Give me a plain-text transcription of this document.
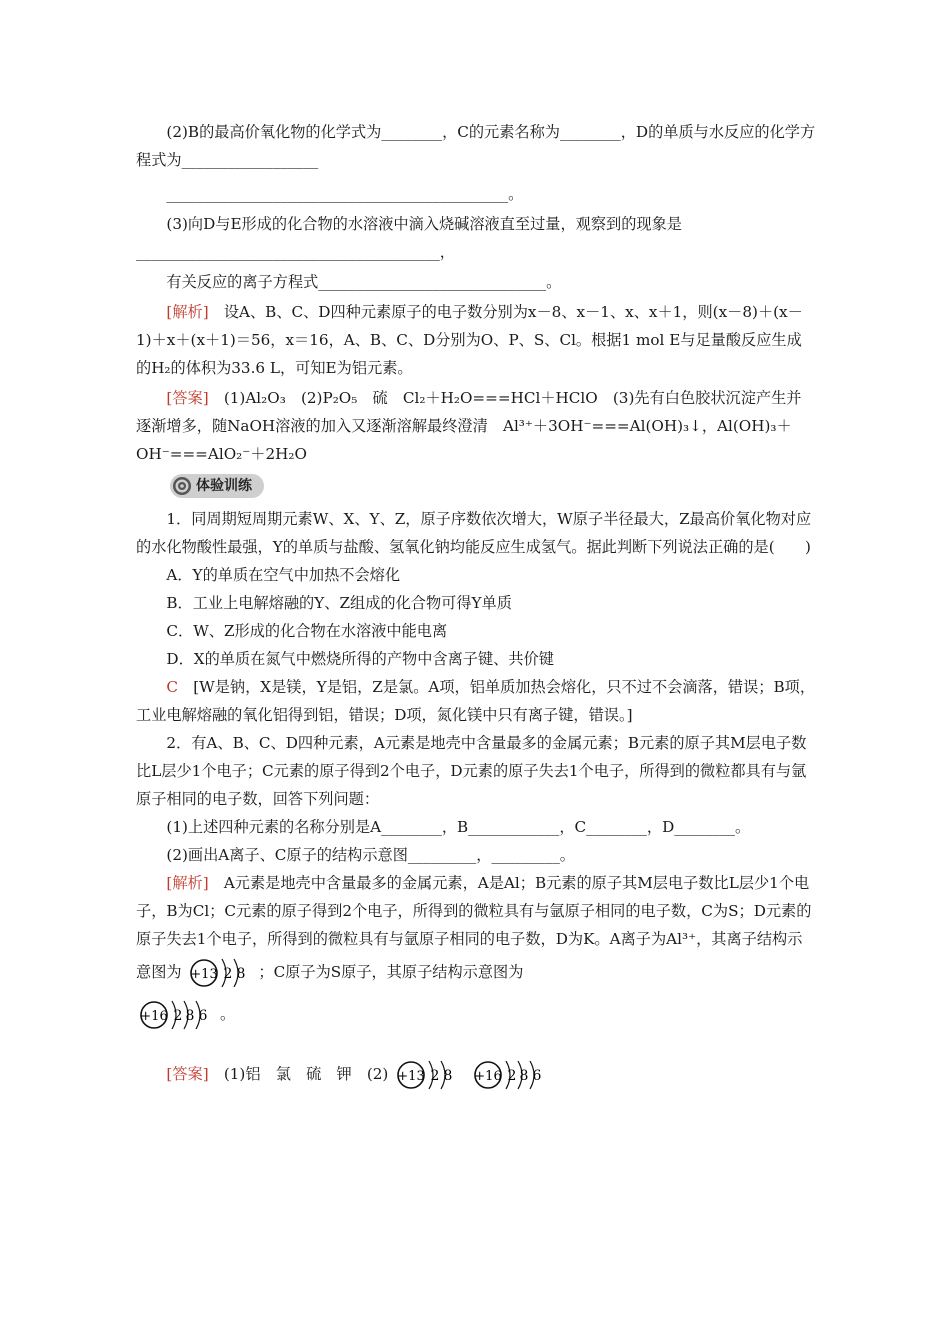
(2)B的最高价氧化物的化学式为________，C的元素名称为________，D的单质与水反应的化学方程式为__________________

_____________________________________________。

(3)向D与E形成的化合物的水溶液中滴入烧碱溶液直至过量，观察到的现象是________________________________________，

有关反应的离子方程式______________________________。

[解析]　 设A、B、C、D四种元素原子的电子数分别为x－8、x－1、x、x＋1，则(x－8)＋(x－1)＋x＋(x＋1)＝56，x＝16，A、B、C、D分别为O、P、S、Cl。根据1 mol E与足量酸反应生成的H₂的体积为33.6 L，可知E为铝元素。

[答案]　 (1)Al₂O₃　(2)P₂O₅　硫　Cl₂＋H₂O===HCl＋HClO　(3)先有白色胶状沉淀产生并逐渐增多，随NaOH溶液的加入又逐渐溶解最终澄清　Al³⁺＋3OH⁻===Al(OH)₃↓，Al(OH)₃＋OH⁻===AlO₂⁻＋2H₂O

体验训练

1．同周期短周期元素W、X、Y、Z，原子序数依次增大，W原子半径最大，Z最高价氧化物对应的水化物酸性最强，Y的单质与盐酸、氢氧化钠均能反应生成氢气。据此判断下列说法正确的是(　　)

A．Y的单质在空气中加热不会熔化

B．工业上电解熔融的Y、Z组成的化合物可得Y单质

C．W、Z形成的化合物在水溶液中能电离

D．X的单质在氮气中燃烧所得的产物中含离子键、共价键

C　 [W是钠，X是镁，Y是铝，Z是氯。A项，铝单质加热会熔化，只不过不会滴落，错误；B项，工业电解熔融的氧化铝得到铝，错误；D项，氮化镁中只有离子键，错误。]

2．有A、B、C、D四种元素，A元素是地壳中含量最多的金属元素；B元素的原子其M层电子数比L层少1个电子；C元素的原子得到2个电子，D元素的原子失去1个电子，所得到的微粒都具有与氩原子相同的电子数，回答下列问题：

(1)上述四种元素的名称分别是A________，B____________，C________，D________。

(2)画出A离子、C原子的结构示意图_________，_________。

[解析]　 A元素是地壳中含量最多的金属元素，A是Al；B元素的原子其M层电子数比L层少1个电子，B为Cl；C元素的原子得到2个电子，所得到的微粒具有与氩原子相同的电子数，C为S；D元素的原子失去1个电子，所得到的微粒具有与氩原子相同的电子数，D为K。A离子为Al³⁺，其离子结构示意图为 +13 2 8 ；C原子为S原子，其原子结构示意图为

+16 2 8 6 。

[答案]　 (1)铝　氯　硫　钾　(2) +13 2 8
+16 2 8 6
